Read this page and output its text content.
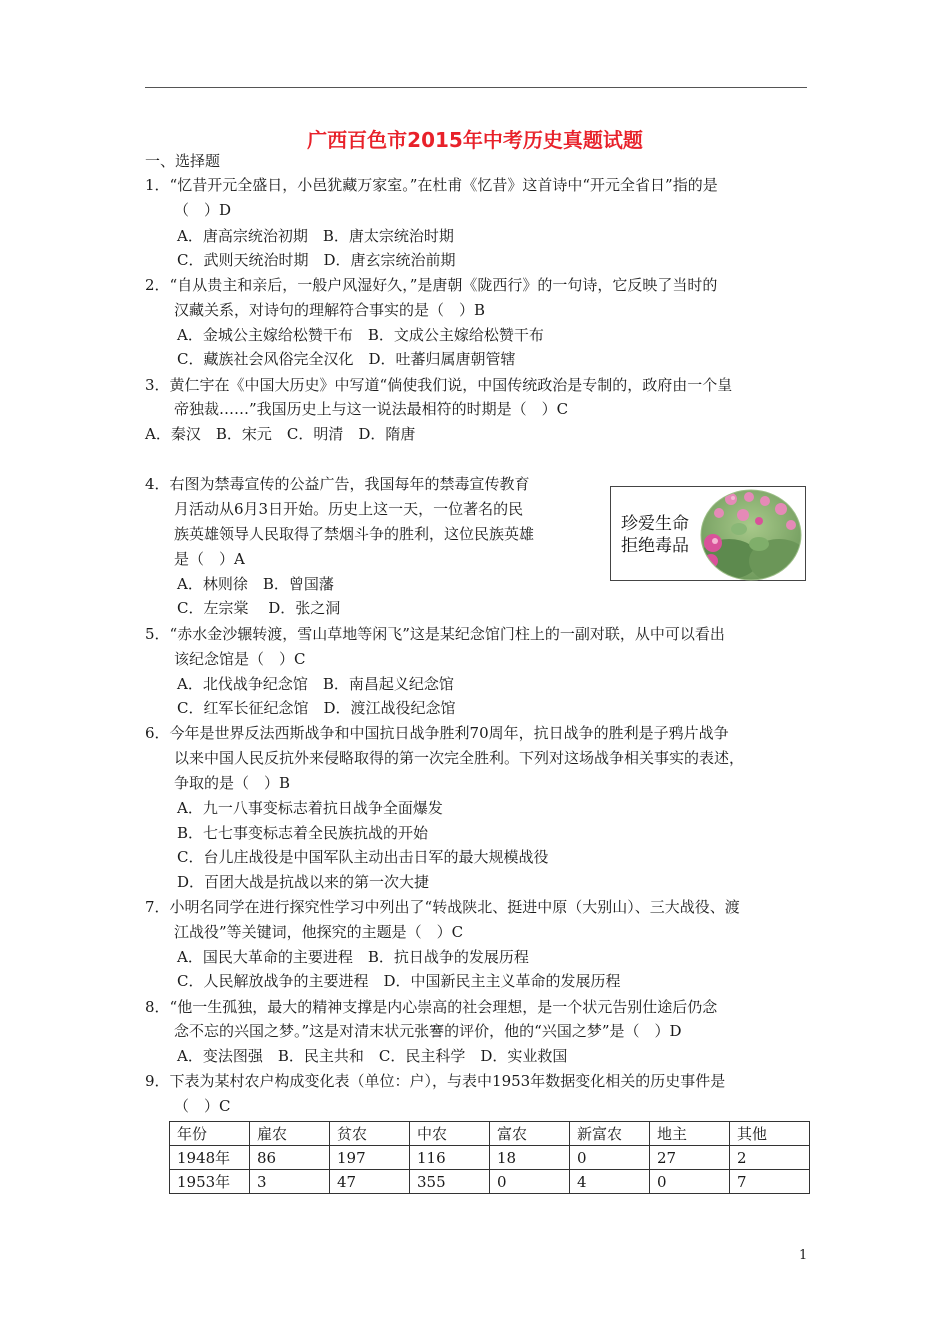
广西百色市2015年中考历史真题试题
一、选择题
1．“忆昔开元全盛日，小邑犹藏万家室。”在杜甫《忆昔》这首诗中“开元全省日”指的是
（　）D
A．唐高宗统治初期　B．唐太宗统治时期
C．武则天统治时期　D．唐玄宗统治前期
2．“自从贵主和亲后，一般户风湿好久，”是唐朝《陇西行》的一句诗，它反映了当时的
汉藏关系，对诗句的理解符合事实的是（　）B
A．金城公主嫁给松赞干布　B．文成公主嫁给松赞干布
C．藏族社会风俗完全汉化　D．吐蕃归属唐朝管辖
3．黄仁宇在《中国大历史》中写道“倘使我们说，中国传统政治是专制的，政府由一个皇
帝独裁……”我国历史上与这一说法最相符的时期是（　）C
A．秦汉　B．宋元　C．明清　D．隋唐
4．右图为禁毒宣传的公益广告，我国每年的禁毒宣传教育
月活动从6月3日开始。历史上这一天，一位著名的民
族英雄领导人民取得了禁烟斗争的胜利，这位民族英雄
是（　）A
A．林则徐　B．曾国藩
C．左宗棠　 D．张之洞
珍爱生命
拒绝毒品
5．“赤水金沙辗转渡，雪山草地等闲飞”这是某纪念馆门柱上的一副对联，从中可以看出
该纪念馆是（　）C
A．北伐战争纪念馆　B．南昌起义纪念馆
C．红军长征纪念馆　D．渡江战役纪念馆
6．今年是世界反法西斯战争和中国抗日战争胜利70周年，抗日战争的胜利是子鸦片战争
以来中国人民反抗外来侵略取得的第一次完全胜利。下列对这场战争相关事实的表述，
争取的是（　）B
A．九一八事变标志着抗日战争全面爆发
B．七七事变标志着全民族抗战的开始
C．台儿庄战役是中国军队主动出击日军的最大规模战役
D．百团大战是抗战以来的第一次大捷
7．小明名同学在进行探究性学习中列出了“转战陕北、挺进中原（大别山）、三大战役、渡
江战役”等关键词，他探究的主题是（　）C
A．国民大革命的主要进程　B．抗日战争的发展历程
C．人民解放战争的主要进程　D．中国新民主主义革命的发展历程
8．“他一生孤独，最大的精神支撑是内心崇高的社会理想，是一个状元告别仕途后仍念
念不忘的兴国之梦。”这是对清末状元张謇的评价，他的“兴国之梦”是（　）D
A．变法图强　B．民主共和　C．民主科学　D．实业救国
9．下表为某村农户构成变化表（单位：户），与表中1953年数据变化相关的历史事件是
（　）C
年份	雇农	贫农	中农	富农	新富农	地主	其他
1948年	86	197	116	18	0	27	2
1953年	3	47	355	0	4	0	7
1
